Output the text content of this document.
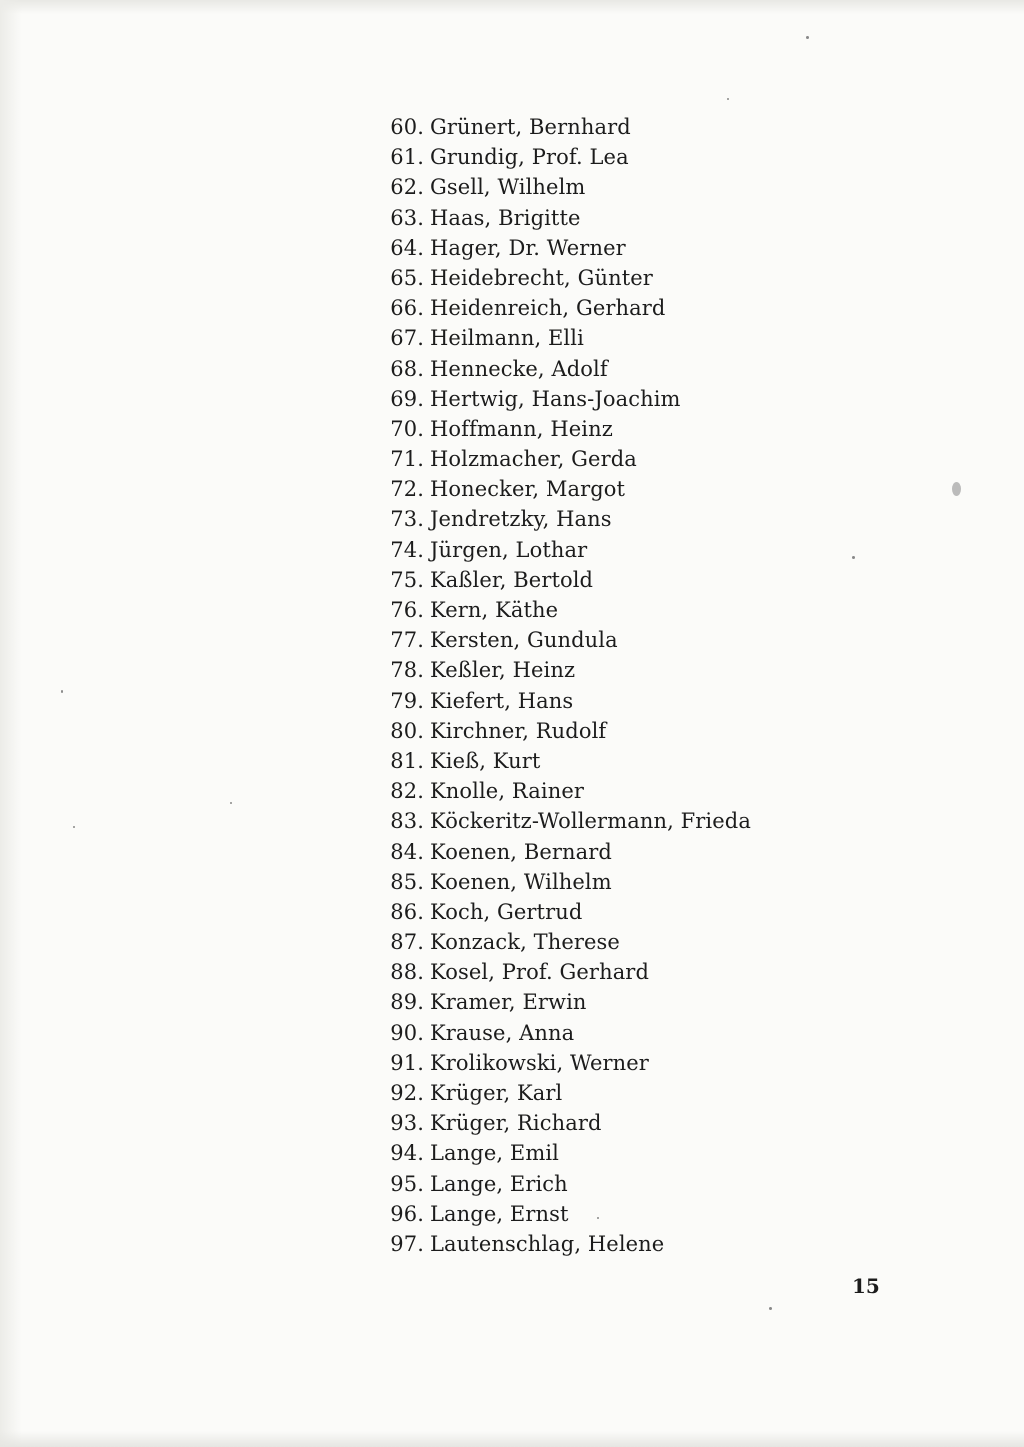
60. Grünert, Bernhard
61. Grundig, Prof. Lea
62. Gsell, Wilhelm
63. Haas, Brigitte
64. Hager, Dr. Werner
65. Heidebrecht, Günter
66. Heidenreich, Gerhard
67. Heilmann, Elli
68. Hennecke, Adolf
69. Hertwig, Hans-Joachim
70. Hoffmann, Heinz
71. Holzmacher, Gerda
72. Honecker, Margot
73. Jendretzky, Hans
74. Jürgen, Lothar
75. Kaßler, Bertold
76. Kern, Käthe
77. Kersten, Gundula
78. Keßler, Heinz
79. Kiefert, Hans
80. Kirchner, Rudolf
81. Kieß, Kurt
82. Knolle, Rainer
83. Köckeritz-Wollermann, Frieda
84. Koenen, Bernard
85. Koenen, Wilhelm
86. Koch, Gertrud
87. Konzack, Therese
88. Kosel, Prof. Gerhard
89. Kramer, Erwin
90. Krause, Anna
91. Krolikowski, Werner
92. Krüger, Karl
93. Krüger, Richard
94. Lange, Emil
95. Lange, Erich
96. Lange, Ernst
97. Lautenschlag, Helene
15
